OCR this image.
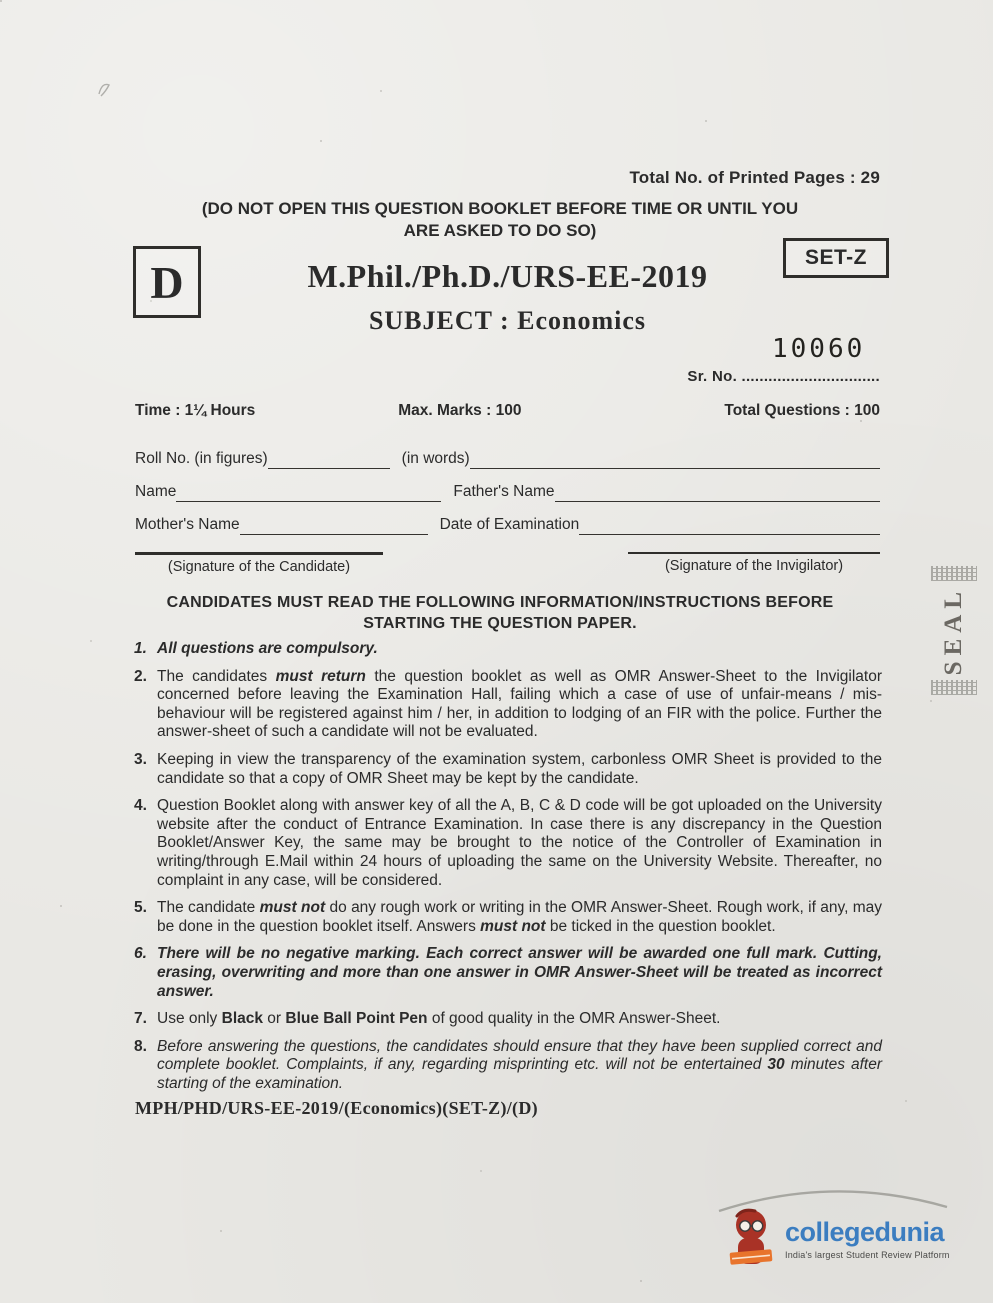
Total No. of Printed Pages : 29
(DO NOT OPEN THIS QUESTION BOOKLET BEFORE TIME OR UNTIL YOU
ARE ASKED TO DO SO)
D	SET-Z
M.Phil./Ph.D./URS-EE-2019
SUBJECT : Economics
10060
Sr. No. ...............................
Time : 1¼ Hours	Max. Marks : 100	Total Questions : 100
Roll No. (in figures)	(in words)
Name	Father's Name
Mother's Name	Date of Examination
(Signature of the Candidate)	(Signature of the Invigilator)
CANDIDATES MUST READ THE FOLLOWING INFORMATION/INSTRUCTIONS BEFORE
STARTING THE QUESTION PAPER.
1. All questions are compulsory.
2. The candidates must return the question booklet as well as OMR Answer-Sheet to the Invigilator concerned before leaving the Examination Hall, failing which a case of use of unfair-means / mis-behaviour will be registered against him / her, in addition to lodging of an FIR with the police. Further the answer-sheet of such a candidate will not be evaluated.
3. Keeping in view the transparency of the examination system, carbonless OMR Sheet is provided to the candidate so that a copy of OMR Sheet may be kept by the candidate.
4. Question Booklet along with answer key of all the A, B, C & D code will be got uploaded on the University website after the conduct of Entrance Examination. In case there is any discrepancy in the Question Booklet/Answer Key, the same may be brought to the notice of the Controller of Examination in writing/through E.Mail within 24 hours of uploading the same on the University Website. Thereafter, no complaint in any case, will be considered.
5. The candidate must not do any rough work or writing in the OMR Answer-Sheet. Rough work, if any, may be done in the question booklet itself. Answers must not be ticked in the question booklet.
6. There will be no negative marking. Each correct answer will be awarded one full mark. Cutting, erasing, overwriting and more than one answer in OMR Answer-Sheet will be treated as incorrect answer.
7. Use only Black or Blue Ball Point Pen of good quality in the OMR Answer-Sheet.
8. Before answering the questions, the candidates should ensure that they have been supplied correct and complete booklet. Complaints, if any, regarding misprinting etc. will not be entertained 30 minutes after starting of the examination.
MPH/PHD/URS-EE-2019/(Economics)(SET-Z)/(D)
SEAL
collegedunia
India's largest Student Review Platform
